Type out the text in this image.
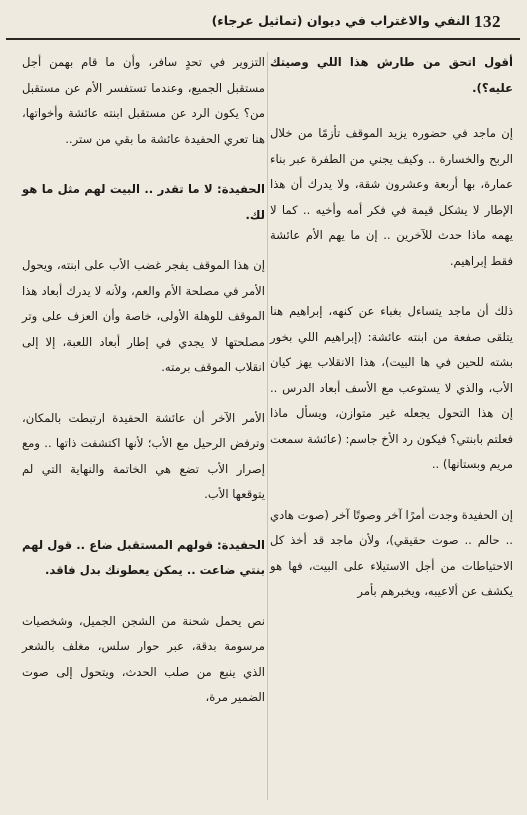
النفي والاغتراب في ديوان (تماثيل عرجاء) 132

أقول اتحق من طارش هذا اللي وصيتك عليه؟).

إن ماجد في حضوره يزيد الموقف تأزمًا من خلال الربح والخسارة .. وكيف يجني من الطفرة عبر بناء عمارة، بها أربعة وعشرون شقة، ولا يدرك أن هذا الإطار لا يشكل قيمة في فكر أمه وأخيه .. كما لا يهمه ماذا حدث للآخرين .. إن ما يهم الأم عائشة فقط إبراهيم.

ذلك أن ماجد يتساءل بغباء عن كنهه، إبراهيم هنا يتلقى صفعة من ابنته عائشة: (إبراهيم اللي بخور بشته للحين في ها البيت)، هذا الانقلاب يهز كيان الأب، والذي لا يستوعب مع الأسف أبعاد الدرس .. إن هذا التحول يجعله غير متوازن، ويسأل ماذا فعلتم بابنتي؟ فيكون رد الأخ جاسم: (عائشة سمعت مريم وبستانها) ..

إن الحفيدة وجدت أمرًا آخر وصوتًا آخر (صوت هادي .. حالم .. صوت حقيقي)، ولأن ماجد قد أخذ كل الاحتياطات من أجل الاستيلاء على البيت، فها هو يكشف عن ألاعيبه، ويخبرهم بأمر

التزوير في تحدٍ سافر، وأن ما قام بهمن أجل مستقبل الجميع، وعندما تستفسر الأم عن مستقبل من؟ يكون الرد عن مستقبل ابنته عائشة وأخواتها، هنا تعري الحفيدة عائشة ما بقي من ستر..

الحفيدة: لا ما تقدر .. البيت لهم مثل ما هو لك.

إن هذا الموقف يفجر غضب الأب على ابنته، ويحول الأمر في مصلحة الأم والعم، ولأنه لا يدرك أبعاد هذا الموقف للوهلة الأولى، خاصة وأن العزف على وتر مصلحتها لا يجدي في إطار أبعاد اللعبة، إلا إلى انقلاب الموقف برمته.

الأمر الآخر أن عائشة الحفيدة ارتبطت بالمكان، وترفض الرحيل مع الأب؛ لأنها اكتشفت ذاتها .. ومع إصرار الأب تضع هي الخاتمة والنهاية التي لم يتوقعها الأب.

الحفيدة: قولهم المستقبل ضاع .. قول لهم بنتي ضاعت .. يمكن يعطونك بدل فاقد.

نص يحمل شحنة من الشجن الجميل، وشخصيات مرسومة بدقة، عبر حوار سلس، مغلف بالشعر الذي ينبع من صلب الحدث، ويتحول إلى صوت الضمير مرة،
